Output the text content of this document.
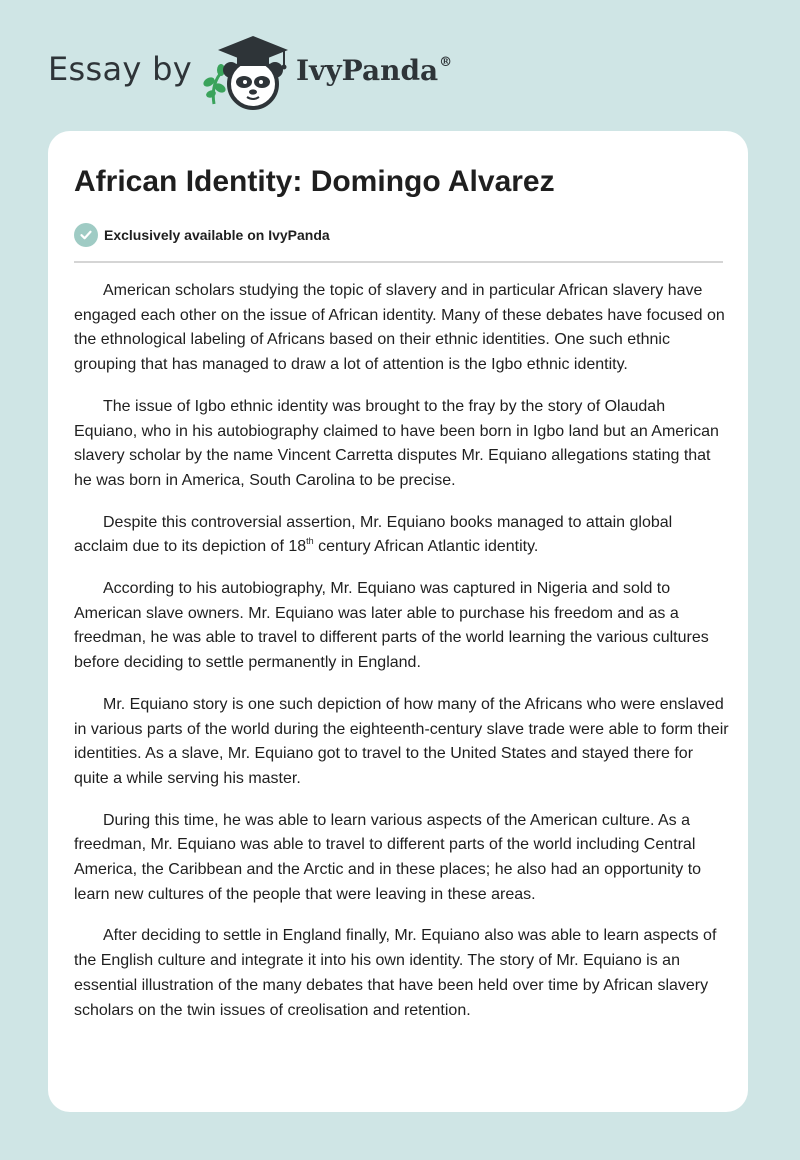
Essay by	IvyPanda®
African Identity: Domingo Alvarez
Exclusively available on IvyPanda

American scholars studying the topic of slavery and in particular African slavery have engaged each other on the issue of African identity. Many of these debates have focused on the ethnological labeling of Africans based on their ethnic identities. One such ethnic grouping that has managed to draw a lot of attention is the Igbo ethnic identity.

The issue of Igbo ethnic identity was brought to the fray by the story of Olaudah Equiano, who in his autobiography claimed to have been born in Igbo land but an American slavery scholar by the name Vincent Carretta disputes Mr. Equiano allegations stating that he was born in America, South Carolina to be precise.

Despite this controversial assertion, Mr. Equiano books managed to attain global acclaim due to its depiction of 18th century African Atlantic identity.

According to his autobiography, Mr. Equiano was captured in Nigeria and sold to American slave owners. Mr. Equiano was later able to purchase his freedom and as a freedman, he was able to travel to different parts of the world learning the various cultures before deciding to settle permanently in England.

Mr. Equiano story is one such depiction of how many of the Africans who were enslaved in various parts of the world during the eighteenth-century slave trade were able to form their identities. As a slave, Mr. Equiano got to travel to the United States and stayed there for quite a while serving his master.

During this time, he was able to learn various aspects of the American culture. As a freedman, Mr. Equiano was able to travel to different parts of the world including Central America, the Caribbean and the Arctic and in these places; he also had an opportunity to learn new cultures of the people that were leaving in these areas.

After deciding to settle in England finally, Mr. Equiano also was able to learn aspects of the English culture and integrate it into his own identity. The story of Mr. Equiano is an essential illustration of the many debates that have been held over time by African slavery scholars on the twin issues of creolisation and retention.
